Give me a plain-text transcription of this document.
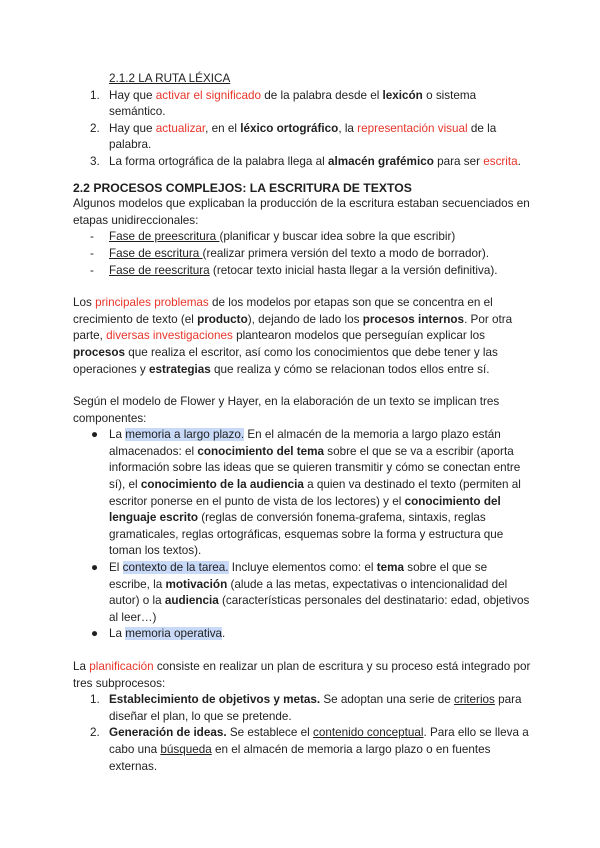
2.1.2 LA RUTA LÉXICA

1. Hay que activar el significado de la palabra desde el lexicón o sistema semántico.
2. Hay que actualizar, en el léxico ortográfico, la representación visual de la palabra.
3. La forma ortográfica de la palabra llega al almacén grafémico para ser escrita.

2.2 PROCESOS COMPLEJOS: LA ESCRITURA DE TEXTOS

Algunos modelos que explicaban la producción de la escritura estaban secuenciados en etapas unidireccionales:

- Fase de preescritura (planificar y buscar idea sobre la que escribir)
- Fase de escritura (realizar primera versión del texto a modo de borrador).
- Fase de reescritura (retocar texto inicial hasta llegar a la versión definitiva).

Los principales problemas de los modelos por etapas son que se concentra en el crecimiento de texto (el producto), dejando de lado los procesos internos. Por otra parte, diversas investigaciones plantearon modelos que perseguían explicar los procesos que realiza el escritor, así como los conocimientos que debe tener y las operaciones y estrategias que realiza y cómo se relacionan todos ellos entre sí.

Según el modelo de Flower y Hayer, en la elaboración de un texto se implican tres componentes:

● La memoria a largo plazo. En el almacén de la memoria a largo plazo están almacenados: el conocimiento del tema sobre el que se va a escribir (aporta información sobre las ideas que se quieren transmitir y cómo se conectan entre sí), el conocimiento de la audiencia a quien va destinado el texto (permiten al escritor ponerse en el punto de vista de los lectores) y el conocimiento del lenguaje escrito (reglas de conversión fonema-grafema, sintaxis, reglas gramaticales, reglas ortográficas, esquemas sobre la forma y estructura que toman los textos).
● El contexto de la tarea. Incluye elementos como: el tema sobre el que se escribe, la motivación (alude a las metas, expectativas o intencionalidad del autor) o la audiencia (características personales del destinatario: edad, objetivos al leer…)
● La memoria operativa.

La planificación consiste en realizar un plan de escritura y su proceso está integrado por tres subprocesos:

1. Establecimiento de objetivos y metas. Se adoptan una serie de criterios para diseñar el plan, lo que se pretende.
2. Generación de ideas. Se establece el contenido conceptual. Para ello se lleva a cabo una búsqueda en el almacén de memoria a largo plazo o en fuentes externas.
